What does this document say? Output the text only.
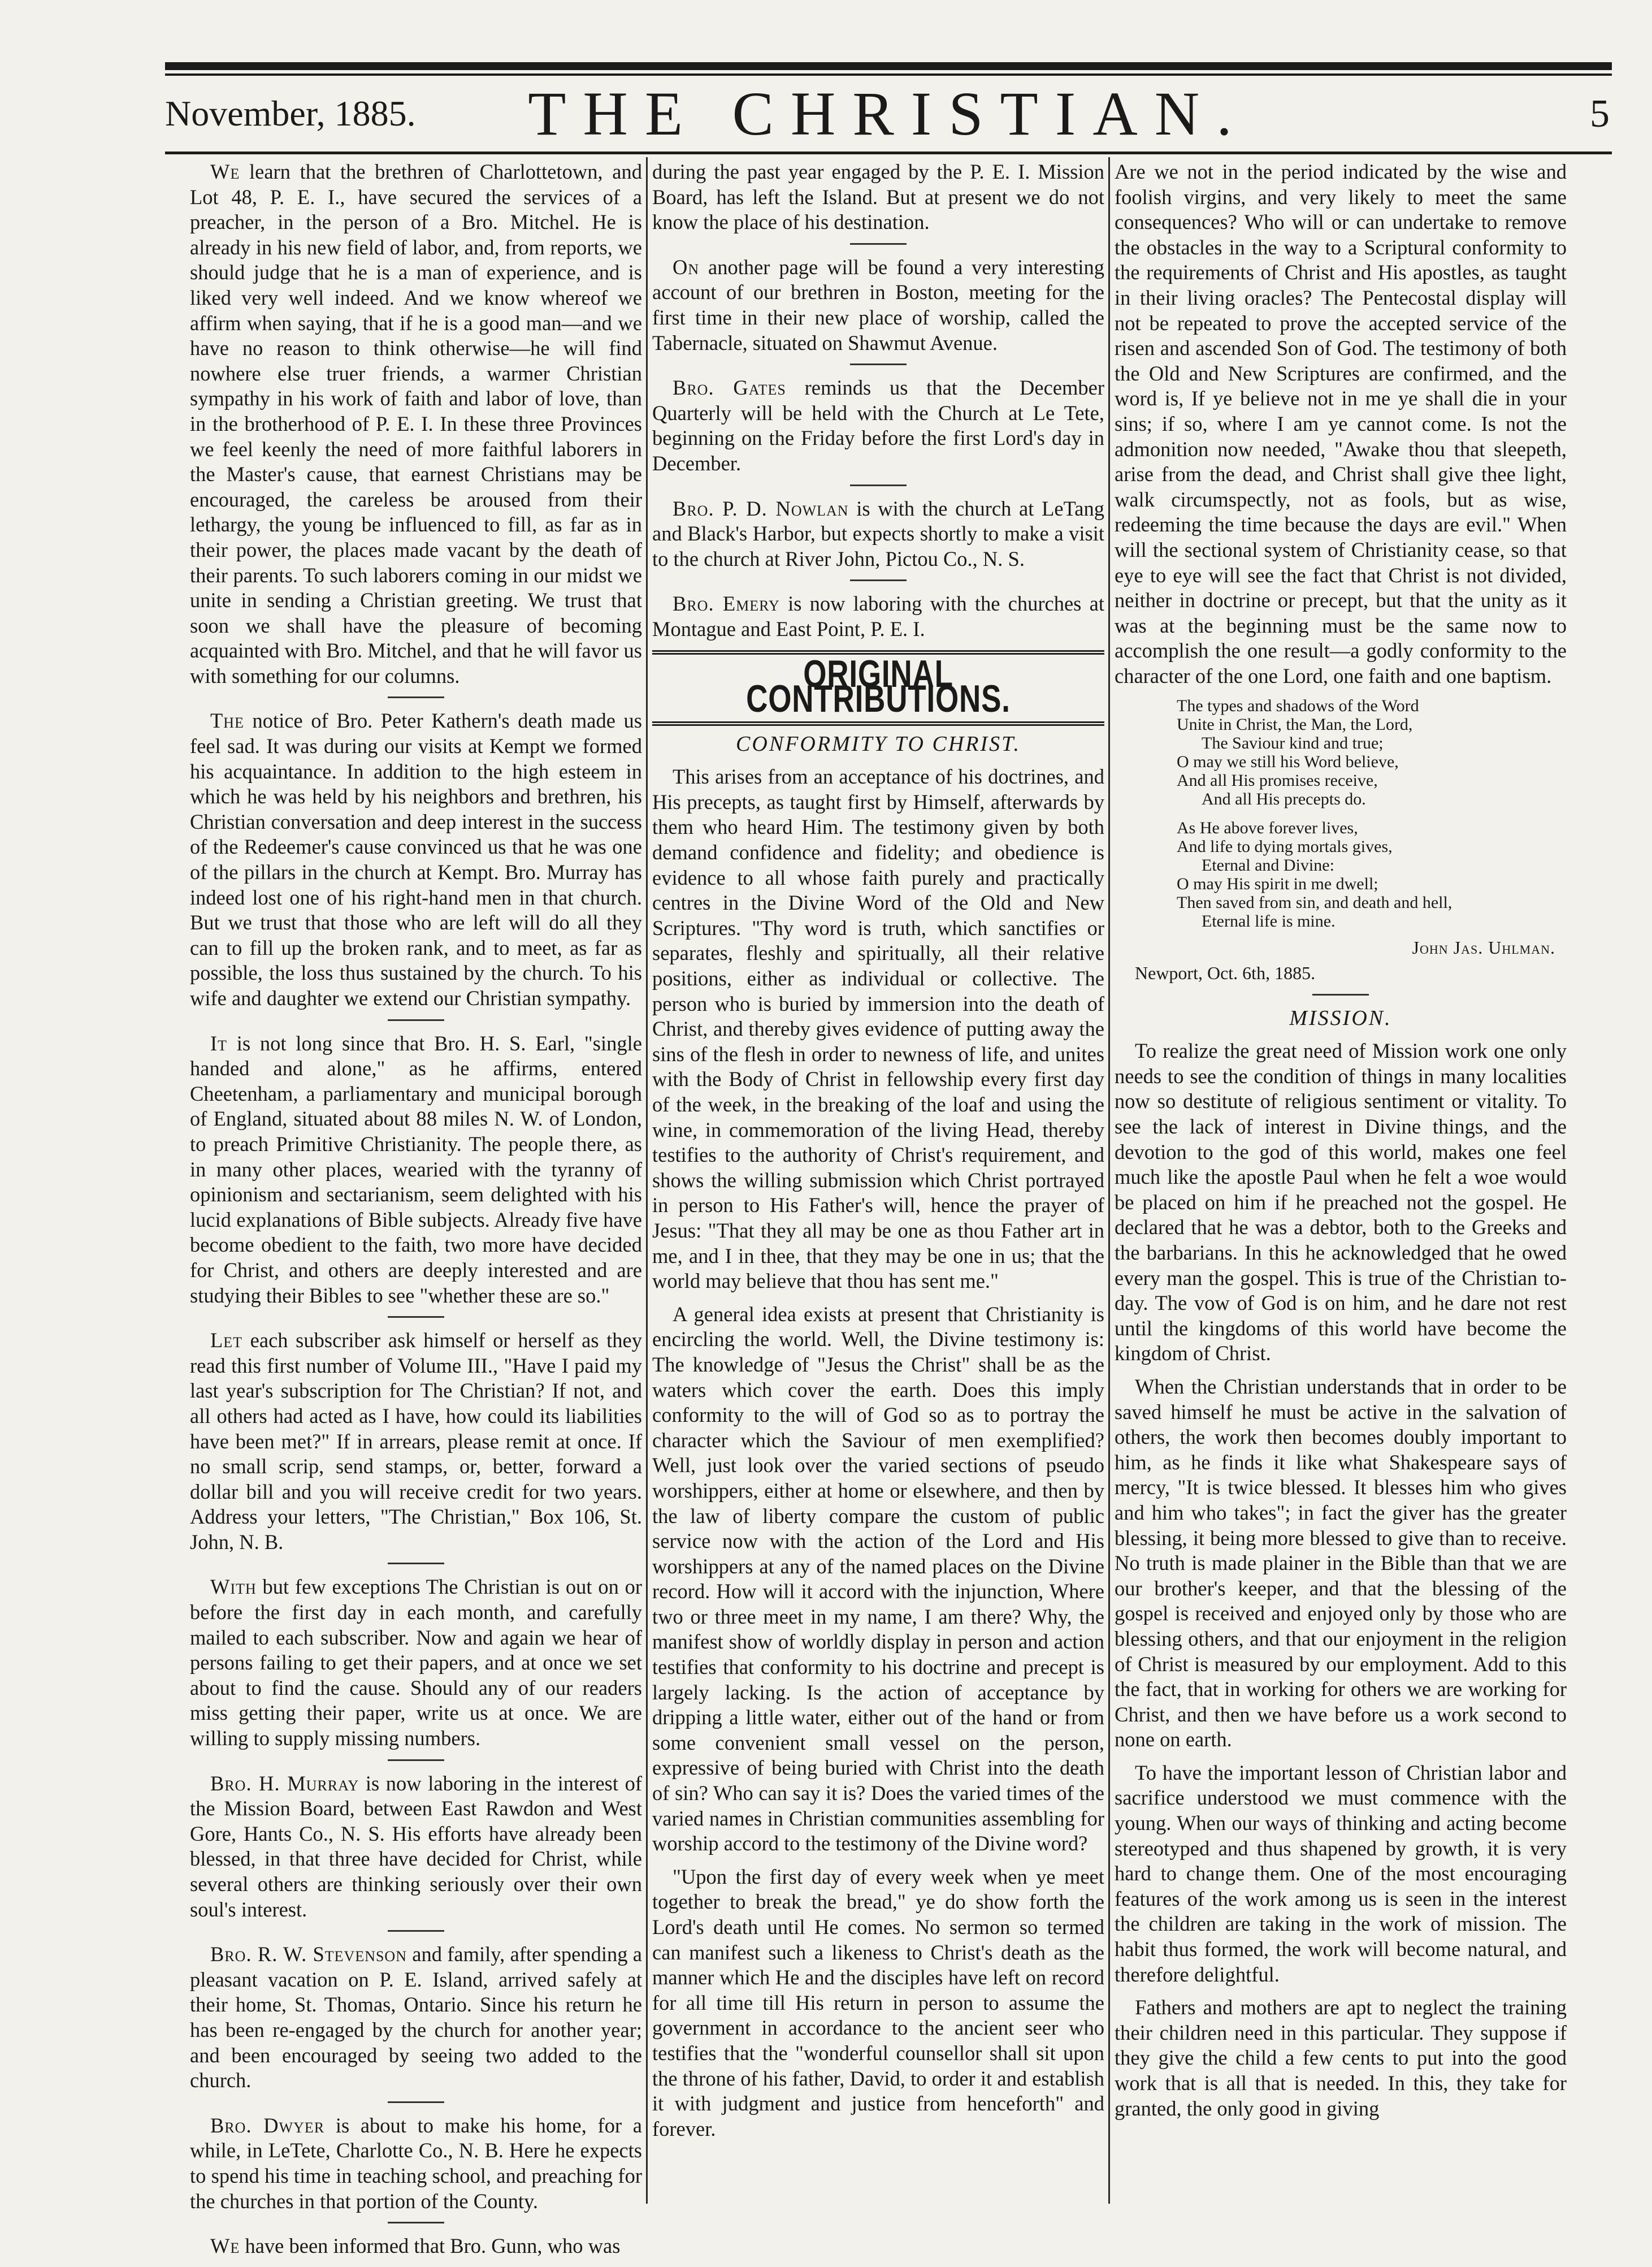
November, 1885.	THE CHRISTIAN.	5

We learn that the brethren of Charlottetown, and Lot 48, P. E. I., have secured the services of a preacher, in the person of a Bro. Mitchel. He is already in his new field of labor, and, from reports, we should judge that he is a man of experience, and is liked very well indeed. And we know whereof we affirm when saying, that if he is a good man—and we have no reason to think otherwise—he will find nowhere else truer friends, a warmer Christian sympathy in his work of faith and labor of love, than in the brotherhood of P. E. I. In these three Provinces we feel keenly the need of more faithful laborers in the Master's cause, that earnest Christians may be encouraged, the careless be aroused from their lethargy, the young be influenced to fill, as far as in their power, the places made vacant by the death of their parents. To such laborers coming in our midst we unite in sending a Christian greeting. We trust that soon we shall have the pleasure of becoming acquainted with Bro. Mitchel, and that he will favor us with something for our columns.

The notice of Bro. Peter Kathern's death made us feel sad. It was during our visits at Kempt we formed his acquaintance. In addition to the high esteem in which he was held by his neighbors and brethren, his Christian conversation and deep interest in the success of the Redeemer's cause convinced us that he was one of the pillars in the church at Kempt. Bro. Murray has indeed lost one of his right-hand men in that church. But we trust that those who are left will do all they can to fill up the broken rank, and to meet, as far as possible, the loss thus sustained by the church. To his wife and daughter we extend our Christian sympathy.

It is not long since that Bro. H. S. Earl, "single handed and alone," as he affirms, entered Cheetenham, a parliamentary and municipal borough of England, situated about 88 miles N. W. of London, to preach Primitive Christianity. The people there, as in many other places, wearied with the tyranny of opinionism and sectarianism, seem delighted with his lucid explanations of Bible subjects. Already five have become obedient to the faith, two more have decided for Christ, and others are deeply interested and are studying their Bibles to see "whether these are so."

Let each subscriber ask himself or herself as they read this first number of Volume III., "Have I paid my last year's subscription for The Christian? If not, and all others had acted as I have, how could its liabilities have been met?" If in arrears, please remit at once. If no small scrip, send stamps, or, better, forward a dollar bill and you will receive credit for two years. Address your letters, "The Christian," Box 106, St. John, N. B.

With but few exceptions The Christian is out on or before the first day in each month, and carefully mailed to each subscriber. Now and again we hear of persons failing to get their papers, and at once we set about to find the cause. Should any of our readers miss getting their paper, write us at once. We are willing to supply missing numbers.

Bro. H. Murray is now laboring in the interest of the Mission Board, between East Rawdon and West Gore, Hants Co., N. S. His efforts have already been blessed, in that three have decided for Christ, while several others are thinking seriously over their own soul's interest.

Bro. R. W. Stevenson and family, after spending a pleasant vacation on P. E. Island, arrived safely at their home, St. Thomas, Ontario. Since his return he has been re-engaged by the church for another year; and been encouraged by seeing two added to the church.

Bro. Dwyer is about to make his home, for a while, in LeTete, Charlotte Co., N. B. Here he expects to spend his time in teaching school, and preaching for the churches in that portion of the County.

We have been informed that Bro. Gunn, who was

during the past year engaged by the P. E. I. Mission Board, has left the Island. But at present we do not know the place of his destination.

On another page will be found a very interesting account of our brethren in Boston, meeting for the first time in their new place of worship, called the Tabernacle, situated on Shawmut Avenue.

Bro. Gates reminds us that the December Quarterly will be held with the Church at Le Tete, beginning on the Friday before the first Lord's day in December.

Bro. P. D. Nowlan is with the church at LeTang and Black's Harbor, but expects shortly to make a visit to the church at River John, Pictou Co., N. S.

Bro. Emery is now laboring with the churches at Montague and East Point, P. E. I.

ORIGINAL CONTRIBUTIONS.
CONFORMITY TO CHRIST.

This arises from an acceptance of his doctrines, and His precepts, as taught first by Himself, afterwards by them who heard Him. The testimony given by both demand confidence and fidelity; and obedience is evidence to all whose faith purely and practically centres in the Divine Word of the Old and New Scriptures. "Thy word is truth, which sanctifies or separates, fleshly and spiritually, all their relative positions, either as individual or collective. The person who is buried by immersion into the death of Christ, and thereby gives evidence of putting away the sins of the flesh in order to newness of life, and unites with the Body of Christ in fellowship every first day of the week, in the breaking of the loaf and using the wine, in commemoration of the living Head, thereby testifies to the authority of Christ's requirement, and shows the willing submission which Christ portrayed in person to His Father's will, hence the prayer of Jesus: "That they all may be one as thou Father art in me, and I in thee, that they may be one in us; that the world may believe that thou has sent me."

A general idea exists at present that Christianity is encircling the world. Well, the Divine testimony is: The knowledge of "Jesus the Christ" shall be as the waters which cover the earth. Does this imply conformity to the will of God so as to portray the character which the Saviour of men exemplified? Well, just look over the varied sections of pseudo worshippers, either at home or elsewhere, and then by the law of liberty compare the custom of public service now with the action of the Lord and His worshippers at any of the named places on the Divine record. How will it accord with the injunction, Where two or three meet in my name, I am there? Why, the manifest show of worldly display in person and action testifies that conformity to his doctrine and precept is largely lacking. Is the action of acceptance by dripping a little water, either out of the hand or from some convenient small vessel on the person, expressive of being buried with Christ into the death of sin? Who can say it is? Does the varied times of the varied names in Christian communities assembling for worship accord to the testimony of the Divine word?

"Upon the first day of every week when ye meet together to break the bread," ye do show forth the Lord's death until He comes. No sermon so termed can manifest such a likeness to Christ's death as the manner which He and the disciples have left on record for all time till His return in person to assume the government in accordance to the ancient seer who testifies that the "wonderful counsellor shall sit upon the throne of his father, David, to order it and establish it with judgment and justice from henceforth" and forever.

Are we not in the period indicated by the wise and foolish virgins, and very likely to meet the same consequences? Who will or can undertake to remove the obstacles in the way to a Scriptural conformity to the requirements of Christ and His apostles, as taught in their living oracles? The Pentecostal display will not be repeated to prove the accepted service of the risen and ascended Son of God. The testimony of both the Old and New Scriptures are confirmed, and the word is, If ye believe not in me ye shall die in your sins; if so, where I am ye cannot come. Is not the admonition now needed, "Awake thou that sleepeth, arise from the dead, and Christ shall give thee light, walk circumspectly, not as fools, but as wise, redeeming the time because the days are evil." When will the sectional system of Christianity cease, so that eye to eye will see the fact that Christ is not divided, neither in doctrine or precept, but that the unity as it was at the beginning must be the same now to accomplish the one result—a godly conformity to the character of the one Lord, one faith and one baptism.

The types and shadows of the Word
Unite in Christ, the Man, the Lord,
The Saviour kind and true;
O may we still his Word believe,
And all His promises receive,
And all His precepts do.
As He above forever lives,
And life to dying mortals gives,
Eternal and Divine:
O may His spirit in me dwell;
Then saved from sin, and death and hell,
Eternal life is mine.
John Jas. Uhlman.

Newport, Oct. 6th, 1885.

MISSION.

To realize the great need of Mission work one only needs to see the condition of things in many localities now so destitute of religious sentiment or vitality. To see the lack of interest in Divine things, and the devotion to the god of this world, makes one feel much like the apostle Paul when he felt a woe would be placed on him if he preached not the gospel. He declared that he was a debtor, both to the Greeks and the barbarians. In this he acknowledged that he owed every man the gospel. This is true of the Christian to-day. The vow of God is on him, and he dare not rest until the kingdoms of this world have become the kingdom of Christ.

When the Christian understands that in order to be saved himself he must be active in the salvation of others, the work then becomes doubly important to him, as he finds it like what Shakespeare says of mercy, "It is twice blessed. It blesses him who gives and him who takes"; in fact the giver has the greater blessing, it being more blessed to give than to receive. No truth is made plainer in the Bible than that we are our brother's keeper, and that the blessing of the gospel is received and enjoyed only by those who are blessing others, and that our enjoyment in the religion of Christ is measured by our employment. Add to this the fact, that in working for others we are working for Christ, and then we have before us a work second to none on earth.

To have the important lesson of Christian labor and sacrifice understood we must commence with the young. When our ways of thinking and acting become stereotyped and thus shapened by growth, it is very hard to change them. One of the most encouraging features of the work among us is seen in the interest the children are taking in the work of mission. The habit thus formed, the work will become natural, and therefore delightful.

Fathers and mothers are apt to neglect the training their children need in this particular. They suppose if they give the child a few cents to put into the good work that is all that is needed. In this, they take for granted, the only good in giving
